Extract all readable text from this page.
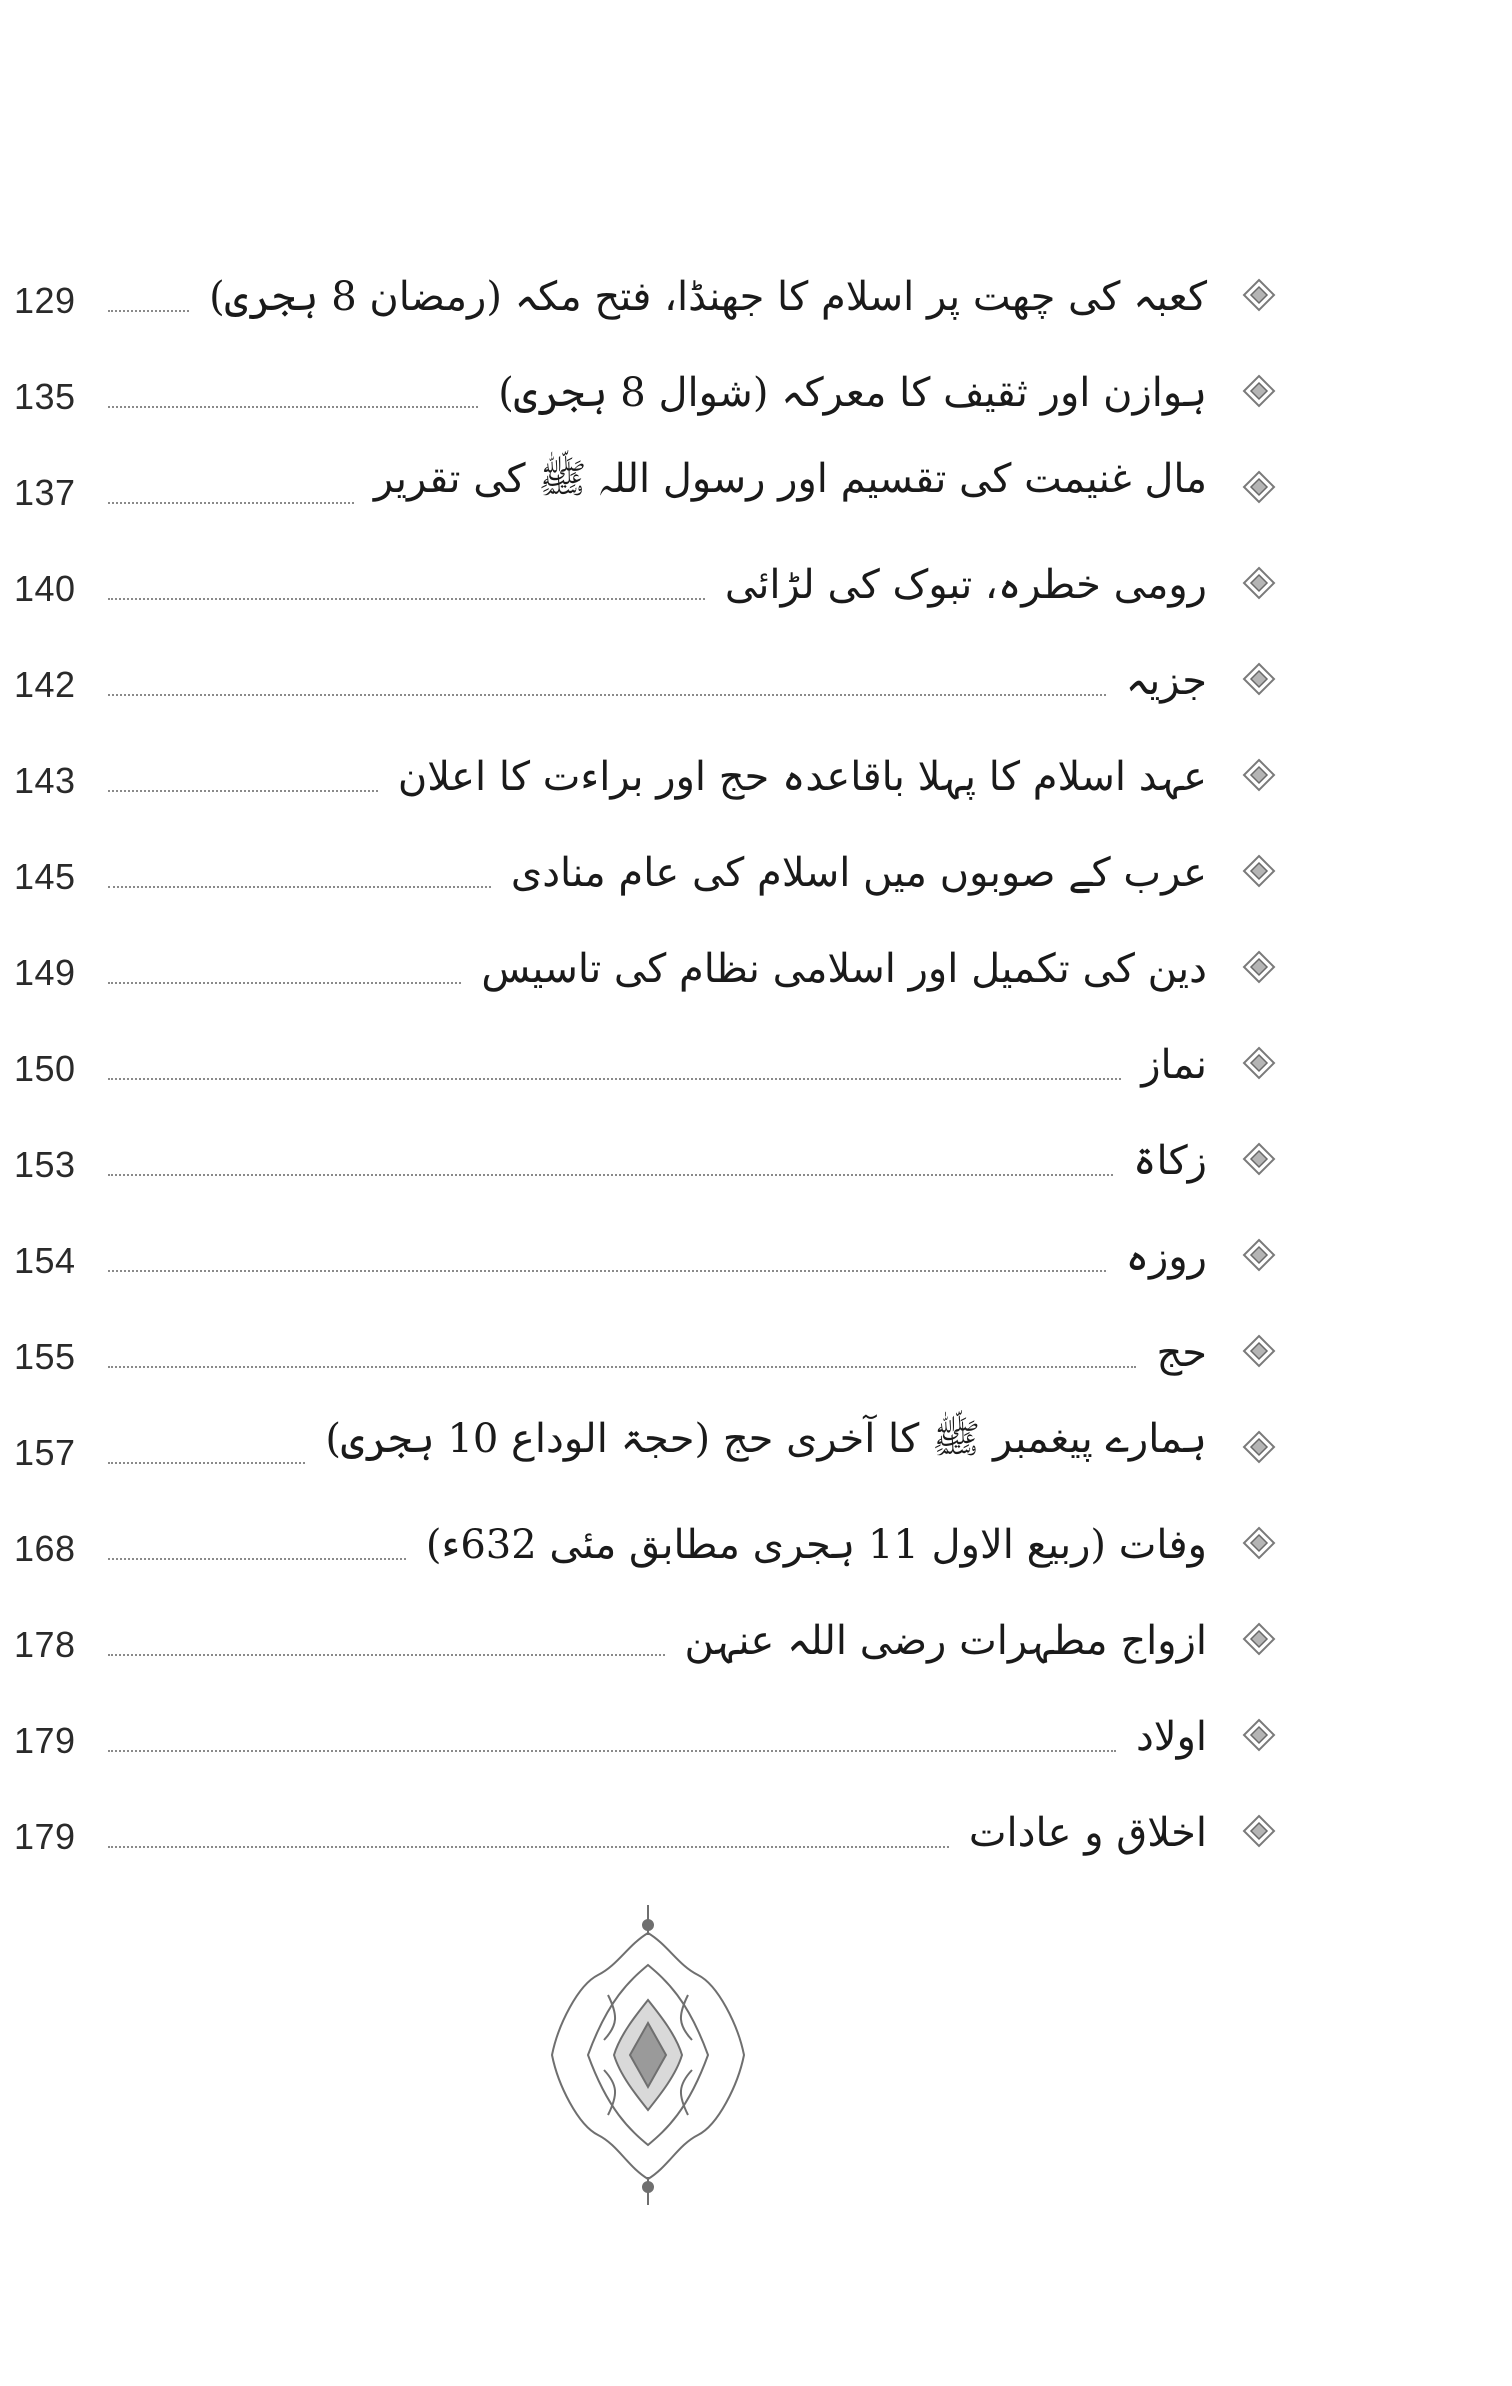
129	کعبہ کی چھت پر اسلام کا جھنڈا، فتح مکہ (رمضان 8 ہجری)
135	ہوازن اور ثقیف کا معرکہ (شوال 8 ہجری)
137	مال غنیمت کی تقسیم اور رسول اللہ ﷺ کی تقریر
140	رومی خطرہ، تبوک کی لڑائی
142	جزیہ
143	عہد اسلام کا پہلا باقاعدہ حج اور براءت کا اعلان
145	عرب کے صوبوں میں اسلام کی عام منادی
149	دین کی تکمیل اور اسلامی نظام کی تاسیس
150	نماز
153	زکاۃ
154	روزہ
155	حج
157	ہمارے پیغمبر ﷺ کا آخری حج (حجۃ الوداع 10 ہجری)
168	وفات (ربیع الاول 11 ہجری مطابق مئی 632ء)
178	ازواج مطہرات رضی اللہ عنہن
179	اولاد
179	اخلاق و عادات
